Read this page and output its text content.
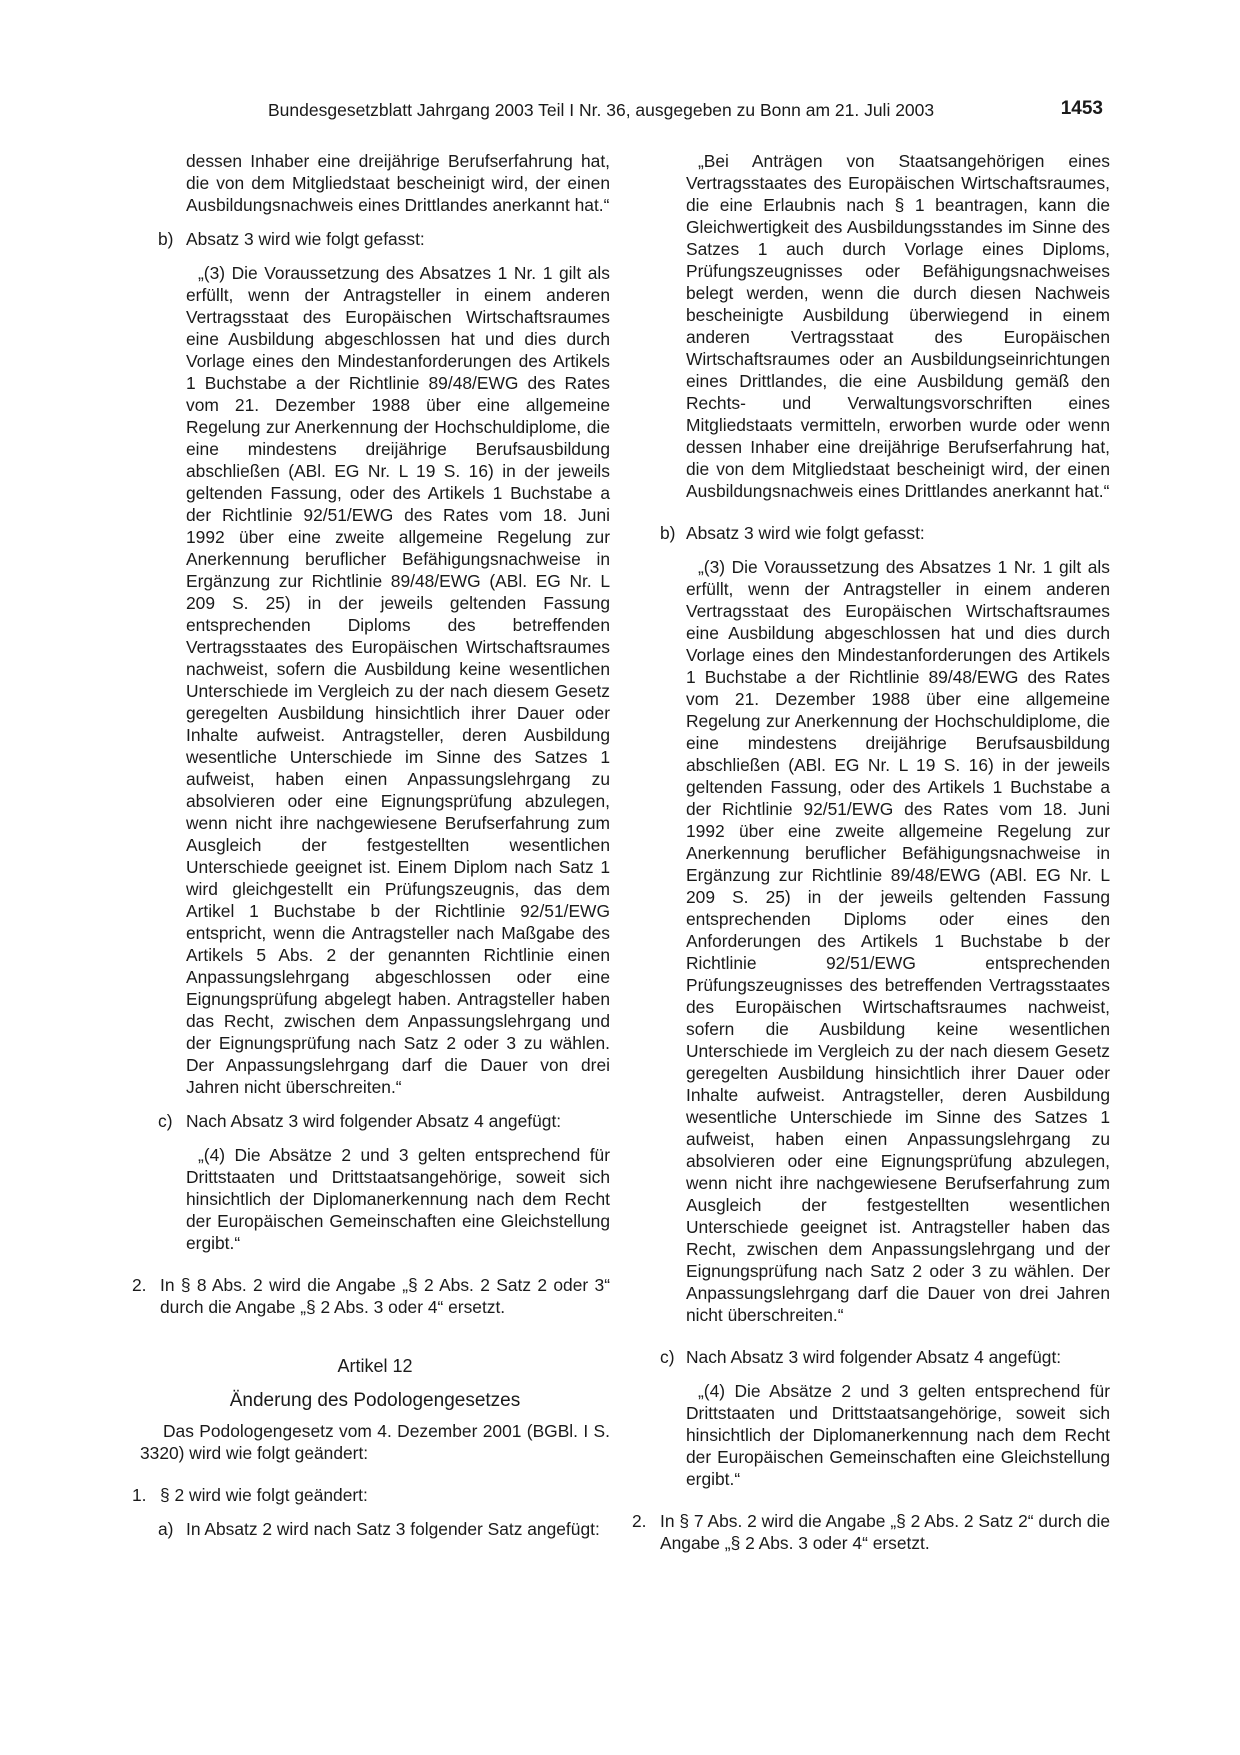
Bundesgesetzblatt Jahrgang 2003 Teil I Nr. 36, ausgegeben zu Bonn am 21. Juli 2003	1453

dessen Inhaber eine dreijährige Berufserfahrung hat, die von dem Mitgliedstaat bescheinigt wird, der einen Ausbildungsnachweis eines Drittlandes anerkannt hat.“

b) Absatz 3 wird wie folgt gefasst:

„(3) Die Voraussetzung des Absatzes 1 Nr. 1 gilt als erfüllt, wenn der Antragsteller in einem anderen Vertragsstaat des Europäischen Wirtschaftsraumes eine Ausbildung abgeschlossen hat und dies durch Vorlage eines den Mindestanforderungen des Artikels 1 Buchstabe a der Richtlinie 89/48/EWG des Rates vom 21. Dezember 1988 über eine allgemeine Regelung zur Anerkennung der Hochschuldiplome, die eine mindestens dreijährige Berufsausbildung abschließen (ABl. EG Nr. L 19 S. 16) in der jeweils geltenden Fassung, oder des Artikels 1 Buchstabe a der Richtlinie 92/51/EWG des Rates vom 18. Juni 1992 über eine zweite allgemeine Regelung zur Anerkennung beruflicher Befähigungsnachweise in Ergänzung zur Richtlinie 89/48/EWG (ABl. EG Nr. L 209 S. 25) in der jeweils geltenden Fassung entsprechenden Diploms des betreffenden Vertragsstaates des Europäischen Wirtschaftsraumes nachweist, sofern die Ausbildung keine wesentlichen Unterschiede im Vergleich zu der nach diesem Gesetz geregelten Ausbildung hinsichtlich ihrer Dauer oder Inhalte aufweist. Antragsteller, deren Ausbildung wesentliche Unterschiede im Sinne des Satzes 1 aufweist, haben einen Anpassungslehrgang zu absolvieren oder eine Eignungsprüfung abzulegen, wenn nicht ihre nachgewiesene Berufserfahrung zum Ausgleich der festgestellten wesentlichen Unterschiede geeignet ist. Einem Diplom nach Satz 1 wird gleichgestellt ein Prüfungszeugnis, das dem Artikel 1 Buchstabe b der Richtlinie 92/51/EWG entspricht, wenn die Antragsteller nach Maßgabe des Artikels 5 Abs. 2 der genannten Richtlinie einen Anpassungslehrgang abgeschlossen oder eine Eignungsprüfung abgelegt haben. Antragsteller haben das Recht, zwischen dem Anpassungslehrgang und der Eignungsprüfung nach Satz 2 oder 3 zu wählen. Der Anpassungslehrgang darf die Dauer von drei Jahren nicht überschreiten.“

c) Nach Absatz 3 wird folgender Absatz 4 angefügt:

„(4) Die Absätze 2 und 3 gelten entsprechend für Drittstaaten und Drittstaatsangehörige, soweit sich hinsichtlich der Diplomanerkennung nach dem Recht der Europäischen Gemeinschaften eine Gleichstellung ergibt.“

2. In § 8 Abs. 2 wird die Angabe „§ 2 Abs. 2 Satz 2 oder 3“ durch die Angabe „§ 2 Abs. 3 oder 4“ ersetzt.

Artikel 12
Änderung des Podologengesetzes

Das Podologengesetz vom 4. Dezember 2001 (BGBl. I S. 3320) wird wie folgt geändert:

1. § 2 wird wie folgt geändert:

a) In Absatz 2 wird nach Satz 3 folgender Satz angefügt:

„Bei Anträgen von Staatsangehörigen eines Vertragsstaates des Europäischen Wirtschaftsraumes, die eine Erlaubnis nach § 1 beantragen, kann die Gleichwertigkeit des Ausbildungsstandes im Sinne des Satzes 1 auch durch Vorlage eines Diploms, Prüfungszeugnisses oder Befähigungsnachweises belegt werden, wenn die durch diesen Nachweis bescheinigte Ausbildung überwiegend in einem anderen Vertragsstaat des Europäischen Wirtschaftsraumes oder an Ausbildungseinrichtungen eines Drittlandes, die eine Ausbildung gemäß den Rechts- und Verwaltungsvorschriften eines Mitgliedstaats vermitteln, erworben wurde oder wenn dessen Inhaber eine dreijährige Berufserfahrung hat, die von dem Mitgliedstaat bescheinigt wird, der einen Ausbildungsnachweis eines Drittlandes anerkannt hat.“

b) Absatz 3 wird wie folgt gefasst:

„(3) Die Voraussetzung des Absatzes 1 Nr. 1 gilt als erfüllt, wenn der Antragsteller in einem anderen Vertragsstaat des Europäischen Wirtschaftsraumes eine Ausbildung abgeschlossen hat und dies durch Vorlage eines den Mindestanforderungen des Artikels 1 Buchstabe a der Richtlinie 89/48/EWG des Rates vom 21. Dezember 1988 über eine allgemeine Regelung zur Anerkennung der Hochschuldiplome, die eine mindestens dreijährige Berufsausbildung abschließen (ABl. EG Nr. L 19 S. 16) in der jeweils geltenden Fassung, oder des Artikels 1 Buchstabe a der Richtlinie 92/51/EWG des Rates vom 18. Juni 1992 über eine zweite allgemeine Regelung zur Anerkennung beruflicher Befähigungsnachweise in Ergänzung zur Richtlinie 89/48/EWG (ABl. EG Nr. L 209 S. 25) in der jeweils geltenden Fassung entsprechenden Diploms oder eines den Anforderungen des Artikels 1 Buchstabe b der Richtlinie 92/51/EWG entsprechenden Prüfungszeugnisses des betreffenden Vertragsstaates des Europäischen Wirtschaftsraumes nachweist, sofern die Ausbildung keine wesentlichen Unterschiede im Vergleich zu der nach diesem Gesetz geregelten Ausbildung hinsichtlich ihrer Dauer oder Inhalte aufweist. Antragsteller, deren Ausbildung wesentliche Unterschiede im Sinne des Satzes 1 aufweist, haben einen Anpassungslehrgang zu absolvieren oder eine Eignungsprüfung abzulegen, wenn nicht ihre nachgewiesene Berufserfahrung zum Ausgleich der festgestellten wesentlichen Unterschiede geeignet ist. Antragsteller haben das Recht, zwischen dem Anpassungslehrgang und der Eignungsprüfung nach Satz 2 oder 3 zu wählen. Der Anpassungslehrgang darf die Dauer von drei Jahren nicht überschreiten.“

c) Nach Absatz 3 wird folgender Absatz 4 angefügt:

„(4) Die Absätze 2 und 3 gelten entsprechend für Drittstaaten und Drittstaatsangehörige, soweit sich hinsichtlich der Diplomanerkennung nach dem Recht der Europäischen Gemeinschaften eine Gleichstellung ergibt.“

2. In § 7 Abs. 2 wird die Angabe „§ 2 Abs. 2 Satz 2“ durch die Angabe „§ 2 Abs. 3 oder 4“ ersetzt.
